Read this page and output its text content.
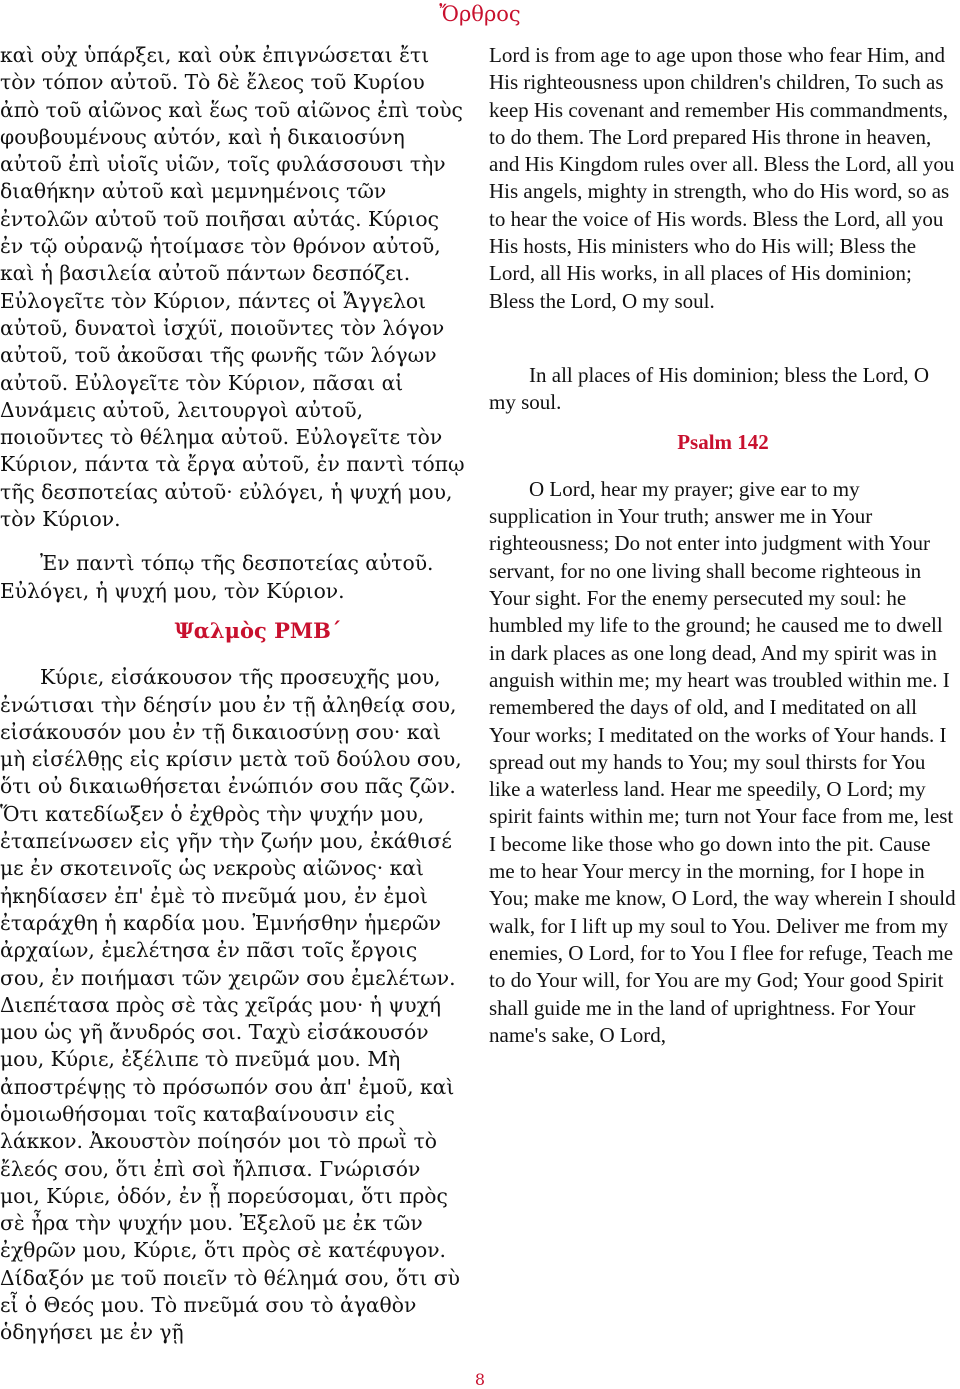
Ὄρθρος

καὶ οὐχ ὑπάρξει, καὶ οὐκ ἐπιγνώσεται ἔτι τὸν τόπον αὐτοῦ. Τὸ δὲ ἔλεος τοῦ Κυρίου ἀπὸ τοῦ αἰῶνος καὶ ἕως τοῦ αἰῶνος ἐπὶ τοὺς φουβουμένους αὐτόν, καὶ ἡ δικαιοσύνη αὐτοῦ ἐπὶ υἱοῖς υἱῶν, τοῖς φυλάσσουσι τὴν διαθήκην αὐτοῦ καὶ μεμνημένοις τῶν ἐντολῶν αὐτοῦ τοῦ ποιῆσαι αὐτάς. Κύριος ἐν τῷ οὐρανῷ ἡτοίμασε τὸν θρόνον αὐτοῦ, καὶ ἡ βασιλεία αὐτοῦ πάντων δεσπόζει. Εὐλογεῖτε τὸν Κύριον, πάντες οἱ Ἄγγελοι αὐτοῦ, δυνατοὶ ἰσχύϊ, ποιοῦντες τὸν λόγον αὐτοῦ, τοῦ ἀκοῦσαι τῆς φωνῆς τῶν λόγων αὐτοῦ. Εὐλογεῖτε τὸν Κύριον, πᾶσαι αἱ Δυνάμεις αὐτοῦ, λειτουργοὶ αὐτοῦ, ποιοῦντες τὸ θέλημα αὐτοῦ. Εὐλογεῖτε τὸν Κύριον, πάντα τὰ ἔργα αὐτοῦ, ἐν παντὶ τόπῳ τῆς δεσποτείας αὐτοῦ· εὐλόγει, ἡ ψυχή μου, τὸν Κύριον.

Ἐν παντὶ τόπῳ τῆς δεσποτείας αὐτοῦ. Εὐλόγει, ἡ ψυχή μου, τὸν Κύριον.

Ψαλμὸς ΡΜΒ΄

Κύριε, εἰσάκουσον τῆς προσευχῆς μου, ἐνώτισαι τὴν δέησίν μου ἐν τῇ ἀληθείᾳ σου, εἰσάκουσόν μου ἐν τῇ δικαιοσύνῃ σου· καὶ μὴ εἰσέλθῃς εἰς κρίσιν μετὰ τοῦ δούλου σου, ὅτι οὐ δικαιωθήσεται ἐνώπιόν σου πᾶς ζῶν. Ὅτι κατεδίωξεν ὁ ἐχθρὸς τὴν ψυχήν μου, ἐταπείνωσεν εἰς γῆν τὴν ζωήν μου, ἐκάθισέ με ἐν σκοτεινοῖς ὡς νεκροὺς αἰῶνος· καὶ ἠκηδίασεν ἐπ' ἐμὲ τὸ πνεῦμά μου, ἐν ἐμοὶ ἐταράχθη ἡ καρδία μου. Ἐμνήσθην ἡμερῶν ἀρχαίων, ἐμελέτησα ἐν πᾶσι τοῖς ἔργοις σου, ἐν ποιήμασι τῶν χειρῶν σου ἐμελέτων. Διεπέτασα πρὸς σὲ τὰς χεῖράς μου· ἡ ψυχή μου ὡς γῆ ἄνυδρός σοι. Ταχὺ εἰσάκουσόν μου, Κύριε, ἐξέλιπε τὸ πνεῦμά μου. Μὴ ἀποστρέψῃς τὸ πρόσωπόν σου ἀπ' ἐμοῦ, καὶ ὁμοιωθήσομαι τοῖς καταβαίνουσιν εἰς λάκκον. Ἀκουστὸν ποίησόν μοι τὸ πρωῒ τὸ ἔλεός σου, ὅτι ἐπὶ σοὶ ἤλπισα. Γνώρισόν μοι, Κύριε, ὁδόν, ἐν ᾗ πορεύσομαι, ὅτι πρὸς σὲ ἦρα τὴν ψυχήν μου. Ἐξελοῦ με ἐκ τῶν ἐχθρῶν μου, Κύριε, ὅτι πρὸς σὲ κατέφυγον. Δίδαξόν με τοῦ ποιεῖν τὸ θέλημά σου, ὅτι σὺ εἶ ὁ Θεός μου. Τὸ πνεῦμά σου τὸ ἀγαθὸν ὁδηγήσει με ἐν γῇ

Lord is from age to age upon those who fear Him, and His righteousness upon children's children, To such as keep His covenant and remember His commandments, to do them. The Lord prepared His throne in heaven, and His Kingdom rules over all. Bless the Lord, all you His angels, mighty in strength, who do His word, so as to hear the voice of His words. Bless the Lord, all you His hosts, His ministers who do His will; Bless the Lord, all His works, in all places of His dominion; Bless the Lord, O my soul.

In all places of His dominion; bless the Lord, O my soul.

Psalm 142

O Lord, hear my prayer; give ear to my supplication in Your truth; answer me in Your righteousness; Do not enter into judgment with Your servant, for no one living shall become righteous in Your sight. For the enemy persecuted my soul: he humbled my life to the ground; he caused me to dwell in dark places as one long dead, And my spirit was in anguish within me; my heart was troubled within me. I remembered the days of old, and I meditated on all Your works; I meditated on the works of Your hands. I spread out my hands to You; my soul thirsts for You like a waterless land. Hear me speedily, O Lord; my spirit faints within me; turn not Your face from me, lest I become like those who go down into the pit. Cause me to hear Your mercy in the morning, for I hope in You; make me know, O Lord, the way wherein I should walk, for I lift up my soul to You. Deliver me from my enemies, O Lord, for to You I flee for refuge, Teach me to do Your will, for You are my God; Your good Spirit shall guide me in the land of uprightness. For Your name's sake, O Lord,

8
